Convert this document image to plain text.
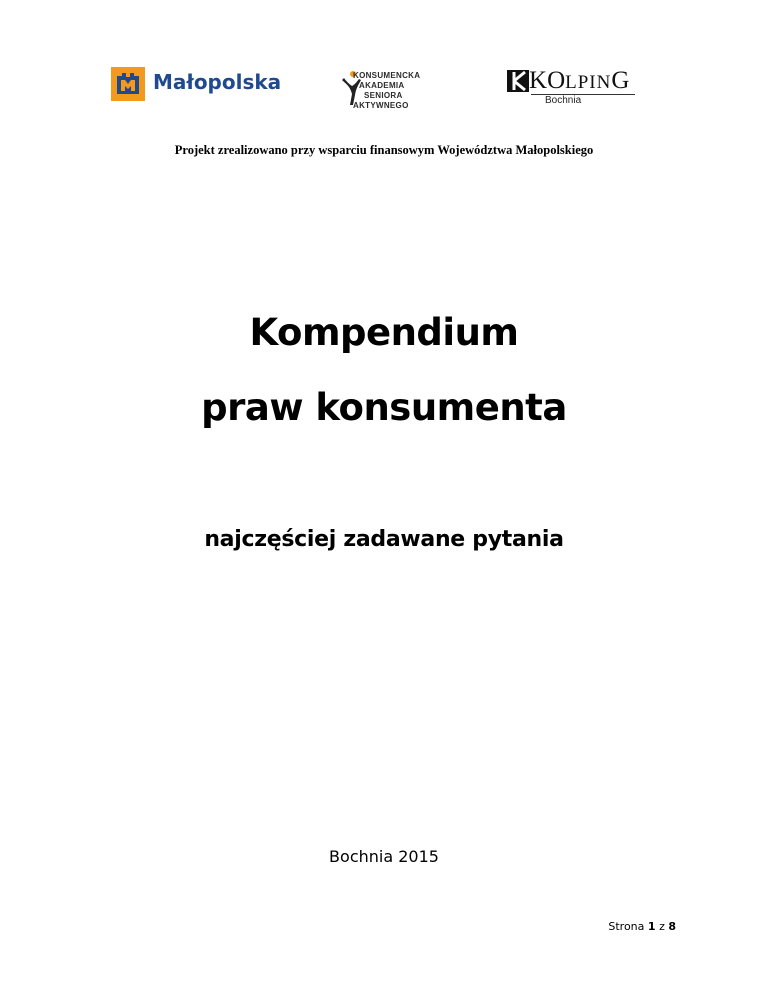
Małopolska	KONSUMENCKA
AKADEMIA
SENIORA
AKTYWNEGO
KOLPING
Bochnia
Projekt zrealizowano przy wsparciu finansowym Województwa Małopolskiego
Kompendium
praw konsumenta
najczęściej zadawane pytania
Bochnia 2015
Strona 1 z 8
